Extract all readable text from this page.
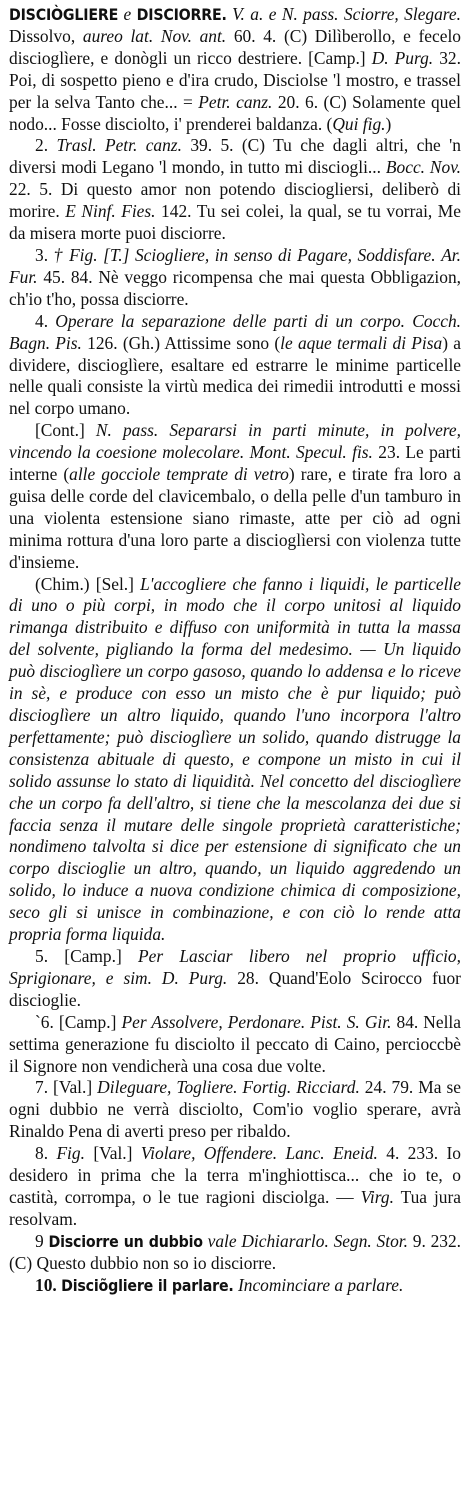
DISCIÒGLIERE e DISCIORRE. V. a. e N. pass. Sciorre, Slegare. Dissolvo, aureo lat. Nov. ant. 60. 4. (C) Dilìberollo, e fecelo discioglìere, e donògli un ricco destriere. [Camp.] D. Purg. 32. Poi, di sospetto pieno e d'ira crudo, Disciolse 'l mostro, e trassel per la selva Tanto che... = Petr. canz. 20. 6. (C) Solamente quel nodo... Fosse disciolto, i' prenderei baldanza. (Qui fig.)

2. Trasl. Petr. canz. 39. 5. (C) Tu che dagli altri, che 'n diversi modi Legano 'l mondo, in tutto mi disciogli... Bocc. Nov. 22. 5. Di questo amor non potendo disciogliersi, deliberò di morire. E Ninf. Fies. 142. Tu sei colei, la qual, se tu vorrai, Me da misera morte puoi disciorre.

3. † Fig. [T.] Sciogliere, in senso di Pagare, Soddisfare. Ar. Fur. 45. 84. Nè veggo ricompensa che mai questa Obbligazion, ch'io t'ho, possa disciorre.

4. Operare la separazione delle parti di un corpo. Cocch. Bagn. Pis. 126. (Gh.) Attissime sono (le aque termali di Pisa) a dividere, discioglìere, esaltare ed estrarre le minime particelle nelle quali consiste la virtù medica dei rimedii introdutti e mossi nel corpo umano.

[Cont.] N. pass. Separarsi in parti minute, in polvere, vincendo la coesione molecolare. Mont. Specul. fis. 23. Le parti interne (alle gocciole temprate di vetro) rare, e tirate fra loro a guisa delle corde del clavicembalo, o della pelle d'un tamburo in una violenta estensione siano rimaste, atte per ciò ad ogni minima rottura d'una loro parte a discioglìersi con violenza tutte d'insieme.

(Chim.) [Sel.] L'accogliere che fanno i liquidi, le particelle di uno o più corpi, in modo che il corpo unitosi al liquido rimanga distribuito e diffuso con uniformità in tutta la massa del solvente, pigliando la forma del medesimo. — Un liquido può discioglìere un corpo gasoso, quando lo addensa e lo riceve in sè, e produce con esso un misto che è pur liquido; può discioglìere un altro liquido, quando l'uno incorpora l'altro perfettamente; può discioglìere un solido, quando distrugge la consistenza abituale di questo, e compone un misto in cui il solido assunse lo stato di liquidità. Nel concetto del discioglìere che un corpo fa dell'altro, si tiene che la mescolanza dei due si faccia senza il mutare delle singole proprietà caratteristiche; nondimeno talvolta si dice per estensione di significato che un corpo discioglie un altro, quando, un liquido aggredendo un solido, lo induce a nuova condizione chimica di composizione, seco gli si unisce in combinazione, e con ciò lo rende atta propria forma liquida.

5. [Camp.] Per Lasciar libero nel proprio ufficio, Sprigionare, e sim. D. Purg. 28. Quand'Eolo Scirocco fuor discioglie.

`6. [Camp.] Per Assolvere, Perdonare. Pist. S. Gir. 84. Nella settima generazione fu disciolto il peccato di Caino, percioccbè il Signore non vendicherà una cosa due volte.

7. [Val.] Dileguare, Togliere. Fortig. Ricciard. 24. 79. Ma se ogni dubbio ne verrà disciolto, Com'io voglio sperare, avrà Rinaldo Pena di averti preso per ribaldo.

8. Fig. [Val.] Violare, Offendere. Lanc. Eneid. 4. 233. Io desidero in prima che la terra m'inghiottisca... che io te, o castità, corrompa, o le tue ragioni disciolga. — Virg. Tua jura resolvam.

9 Disciorre un dubbio vale Dichiararlo. Segn. Stor. 9. 232. (C) Questo dubbio non so io disciorre.

10. Discio͂gliere il parlare. Incominciare a parlare.
